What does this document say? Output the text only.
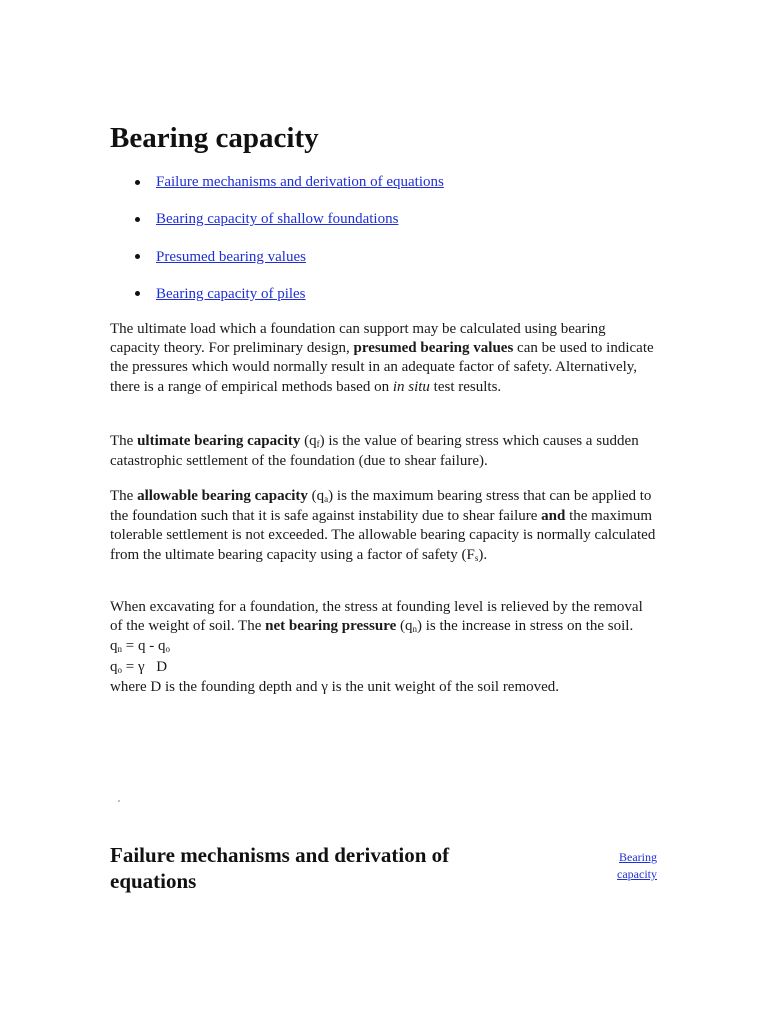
Bearing capacity
Failure mechanisms and derivation of equations
Bearing capacity of shallow foundations
Presumed bearing values
Bearing capacity of piles

The ultimate load which a foundation can support may be calculated using bearing capacity theory. For preliminary design, presumed bearing values can be used to indicate the pressures which would normally result in an adequate factor of safety. Alternatively, there is a range of empirical methods based on in situ test results.

The ultimate bearing capacity (qf) is the value of bearing stress which causes a sudden catastrophic settlement of the foundation (due to shear failure).

The allowable bearing capacity (qa) is the maximum bearing stress that can be applied to the foundation such that it is safe against instability due to shear failure and the maximum tolerable settlement is not exceeded. The allowable bearing capacity is normally calculated from the ultimate bearing capacity using a factor of safety (Fs).

When excavating for a foundation, the stress at founding level is relieved by the removal of the weight of soil. The net bearing pressure (qn) is the increase in stress on the soil.
qn = q - qo
qo = γ D
where D is the founding depth and γ is the unit weight of the soil removed.

Failure mechanisms and derivation of equations
Bearing capacity
